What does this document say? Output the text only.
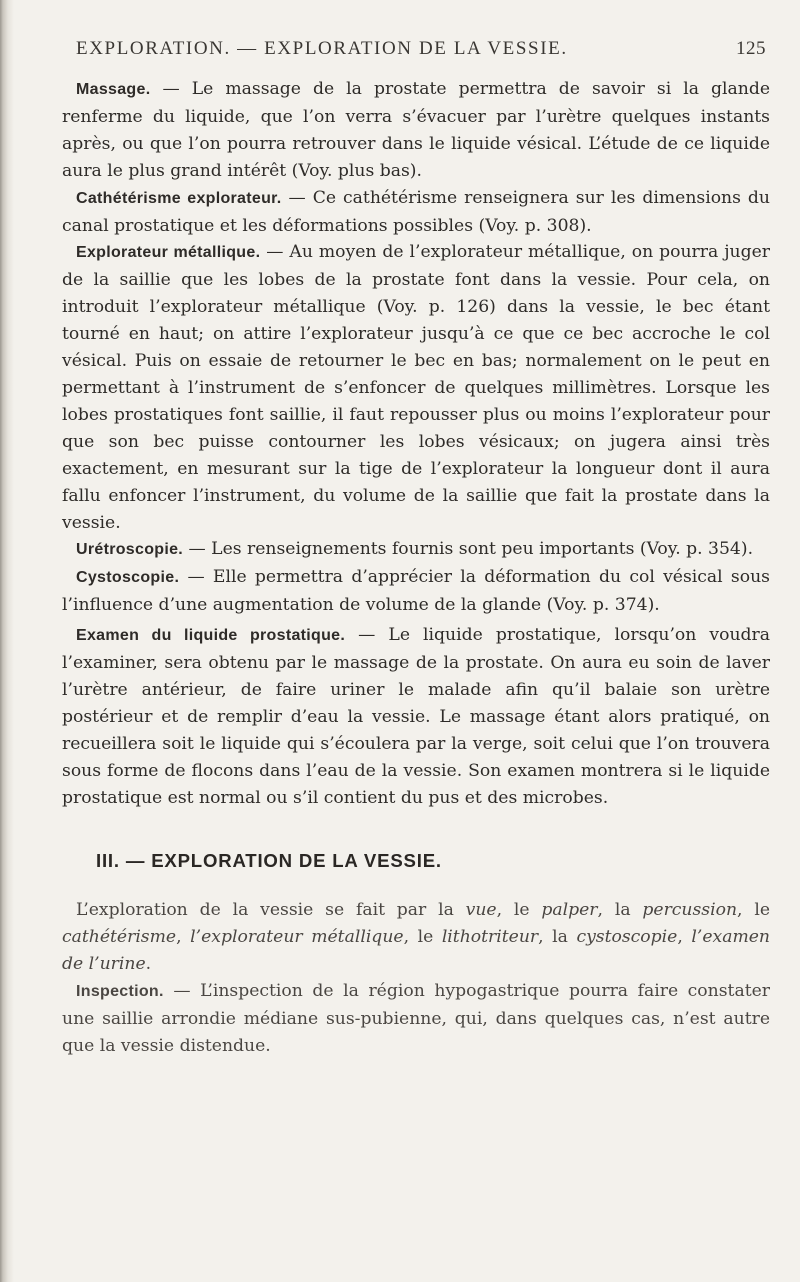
EXPLORATION. — EXPLORATION DE LA VESSIE.	125

Massage. — Le massage de la prostate permettra de savoir si la glande renferme du liquide, que l’on verra s’évacuer par l’urètre quelques instants après, ou que l’on pourra retrouver dans le liquide vésical. L’étude de ce liquide aura le plus grand intérêt (Voy. plus bas).

Cathétérisme explorateur. — Ce cathétérisme renseignera sur les dimensions du canal prostatique et les déformations possibles (Voy. p. 308).

Explorateur métallique. — Au moyen de l’explorateur métallique, on pourra juger de la saillie que les lobes de la prostate font dans la vessie. Pour cela, on introduit l’explorateur métallique (Voy. p. 126) dans la vessie, le bec étant tourné en haut; on attire l’explorateur jusqu’à ce que ce bec accroche le col vésical. Puis on essaie de retourner le bec en bas; normalement on le peut en permettant à l’instrument de s’enfoncer de quelques millimètres. Lorsque les lobes prostatiques font saillie, il faut repousser plus ou moins l’explorateur pour que son bec puisse contourner les lobes vésicaux; on jugera ainsi très exactement, en mesurant sur la tige de l’explorateur la longueur dont il aura fallu enfoncer l’instrument, du volume de la saillie que fait la prostate dans la vessie.

Urétroscopie. — Les renseignements fournis sont peu importants (Voy. p. 354).

Cystoscopie. — Elle permettra d’apprécier la déformation du col vésical sous l’influence d’une augmentation de volume de la glande (Voy. p. 374).

Examen du liquide prostatique. — Le liquide prostatique, lorsqu’on voudra l’examiner, sera obtenu par le massage de la prostate. On aura eu soin de laver l’urètre antérieur, de faire uriner le malade afin qu’il balaie son urètre postérieur et de remplir d’eau la vessie. Le massage étant alors pratiqué, on recueillera soit le liquide qui s’écoulera par la verge, soit celui que l’on trouvera sous forme de flocons dans l’eau de la vessie. Son examen montrera si le liquide prostatique est normal ou s’il contient du pus et des microbes.

III. — EXPLORATION DE LA VESSIE.

L’exploration de la vessie se fait par la vue, le palper, la percussion, le cathétérisme, l’explorateur métallique, le lithotriteur, la cystoscopie, l’examen de l’urine.

Inspection. — L’inspection de la région hypogastrique pourra faire constater une saillie arrondie médiane sus-pubienne, qui, dans quelques cas, n’est autre que la vessie distendue.
